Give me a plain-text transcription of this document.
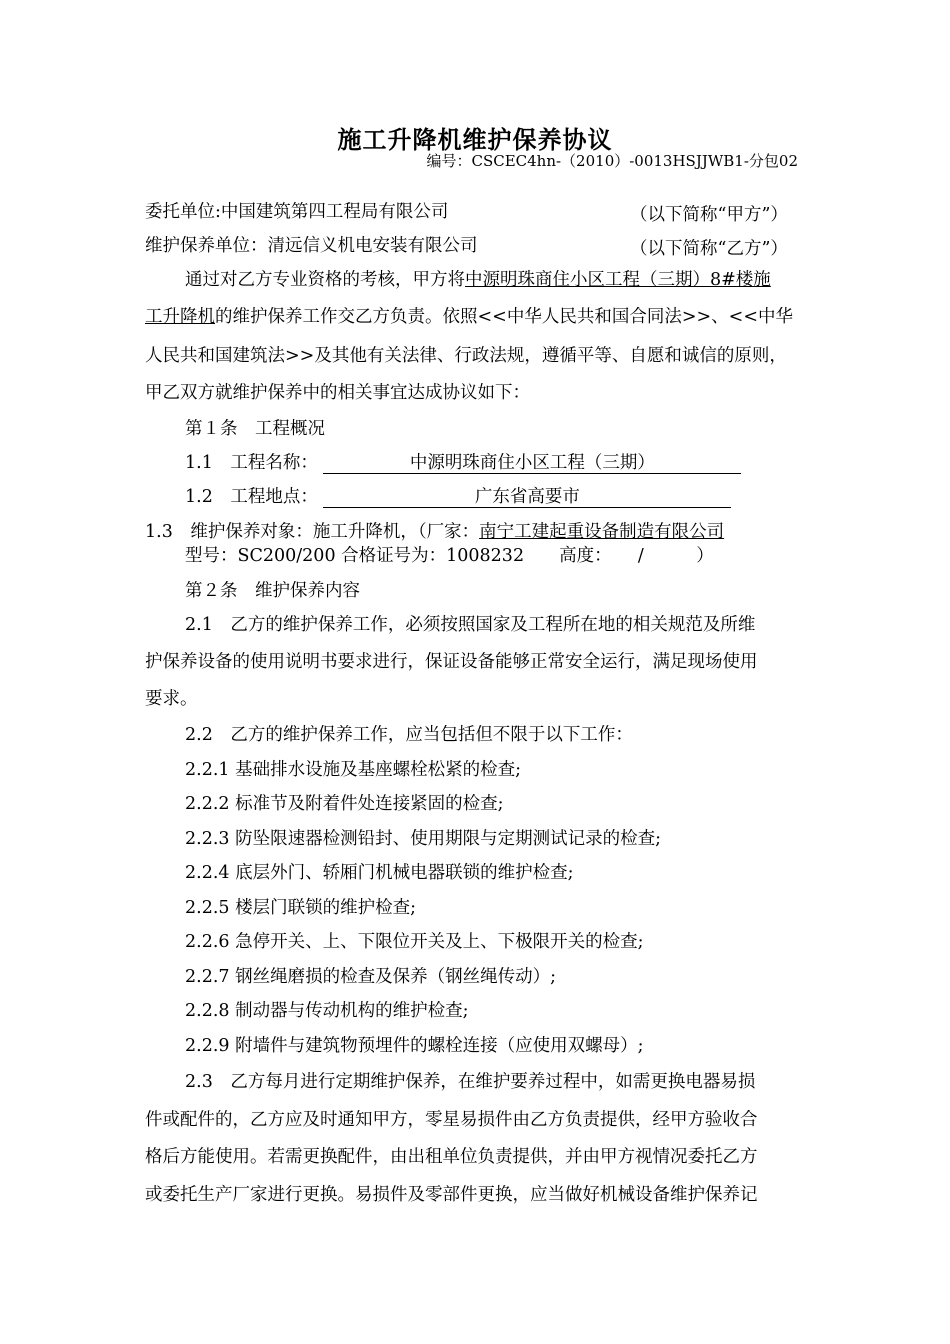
施工升降机维护保养协议
编号：CSCEC4hn-（2010）-0013HSJJWB1-分包02
委托单位:中国建筑第四工程局有限公司	（以下简称“甲方”）
维护保养单位：清远信义机电安装有限公司	（以下简称“乙方”）
通过对乙方专业资格的考核，甲方将中源明珠商住小区工程（三期）8#楼施
工升降机的维护保养工作交乙方负责。依照<<中华人民共和国合同法>>、<<中华
人民共和国建筑法>>及其他有关法律、行政法规，遵循平等、自愿和诚信的原则，
甲乙双方就维护保养中的相关事宜达成协议如下：
第１条　工程概况
1.1　工程名称：	中源明珠商住小区工程（三期）
1.2　工程地点：	广东省高要市
1.3　维护保养对象：施工升降机，（厂家：南宁工建起重设备制造有限公司
型号：SC200/200 合格证号为：1008232　　高度：　　/　　　）
第２条　维护保养内容
2.1　乙方的维护保养工作，必须按照国家及工程所在地的相关规范及所维
护保养设备的使用说明书要求进行，保证设备能够正常安全运行，满足现场使用
要求。
2.2　乙方的维护保养工作，应当包括但不限于以下工作：
2.2.1 基础排水设施及基座螺栓松紧的检查;
2.2.2 标准节及附着件处连接紧固的检查;
2.2.3 防坠限速器检测铅封、使用期限与定期测试记录的检查;
2.2.4 底层外门、轿厢门机械电器联锁的维护检查;
2.2.5 楼层门联锁的维护检查;
2.2.6 急停开关、上、下限位开关及上、下极限开关的检查;
2.2.7 钢丝绳磨损的检查及保养（钢丝绳传动）;
2.2.8 制动器与传动机构的维护检查;
2.2.9 附墙件与建筑物预埋件的螺栓连接（应使用双螺母）;
2.3　乙方每月进行定期维护保养，在维护要养过程中，如需更换电器易损
件或配件的，乙方应及时通知甲方，零星易损件由乙方负责提供，经甲方验收合
格后方能使用。若需更换配件，由出租单位负责提供，并由甲方视情况委托乙方
或委托生产厂家进行更换。易损件及零部件更换，应当做好机械设备维护保养记
